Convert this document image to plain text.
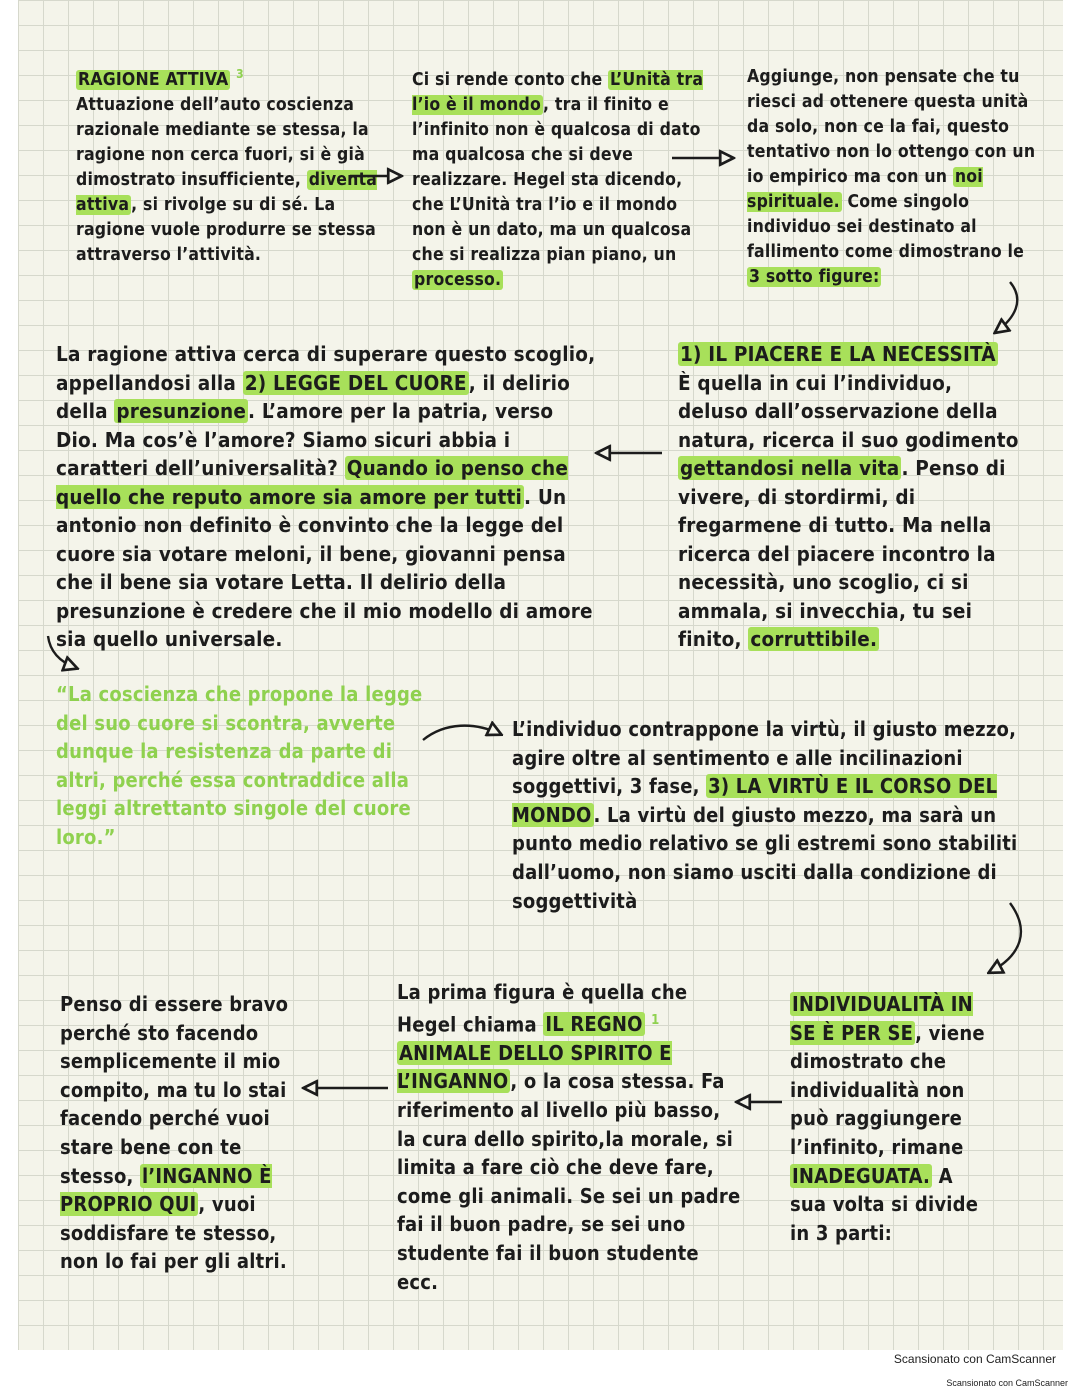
RAGIONE ATTIVA $^3$
Attuazione dell’auto coscienza razionale mediante se stessa, la ragione non cerca fuori, si è già dimostrato insufficiente, diventa attiva , si rivolge su di sé. La ragione vuole produrre se stessa attraverso l’attività.
Ci si rende conto che L’Unità tra l’io è il mondo , tra il finito e l’infinito non è qualcosa di dato ma qualcosa che si deve realizzare. Hegel sta dicendo, che L’Unità tra l’io e il mondo non è un dato, ma un qualcosa che si realizza pian piano, un processo.
Aggiunge, non pensate che tu riesci ad ottenere questa unità da solo, non ce la fai, questo tentativo non lo ottengo con un io empirico ma con un noi spirituale. Come singolo individuo sei destinato al fallimento come dimostrano le 3 sotto figure:
La ragione attiva cerca di superare questo scoglio, appellandosi alla 2) LEGGE DEL CUORE, il delirio della presunzione. L’amore per la patria, verso Dio. Ma cos’è l’amore? Siamo sicuri abbia i caratteri dell’universalità? Quando io penso che quello che reputo amore sia amore per tutti. Un antonio non definito è convinto che la legge del cuore sia votare meloni, il bene, giovanni pensa che il bene sia votare Letta. Il delirio della presunzione è credere che il mio modello di amore sia quello universale.
1) IL PIACERE E LA NECESSITÀ
È quella in cui l’individuo, deluso dall’osservazione della natura, ricerca il suo godimento gettandosi nella vita. Penso di vivere, di stordirmi, di fregarmene di tutto. Ma nella ricerca del piacere incontro la necessità, uno scoglio, ci si ammala, si invecchia, tu sei finito, corruttibile.
“La coscienza che propone la legge del suo cuore si scontra, avverte dunque la resistenza da parte di altri, perché essa contraddice alla leggi altrettanto singole del cuore loro.”
L’individuo contrappone la virtù, il giusto mezzo, agire oltre al sentimento e alle incilinazioni soggettivi, 3 fase, 3) LA VIRTÙ E IL CORSO DEL MONDO . La virtù del giusto mezzo, ma sarà un punto medio relativo se gli estremi sono stabiliti dall’uomo, non siamo usciti dalla condizione di soggettività
Penso di essere bravo perché sto facendo semplicemente il mio compito, ma tu lo stai facendo perché vuoi stare bene con te stesso, l’INGANNO È PROPRIO QUI , vuoi soddisfare te stesso, non lo fai per gli altri.
La prima figura è quella che Hegel chiama IL REGNO $^1$ ANIMALE DELLO SPIRITO E L’INGANNO , o la cosa stessa. Fa riferimento al livello più basso, la cura dello spirito,la morale, si limita a fare ciò che deve fare, come gli animali. Se sei un padre fai il buon padre, se sei uno studente fai il buon studente ecc.
INDIVIDUALITÀ IN SE È PER SE , viene dimostrato che individualità non può raggiungere l’infinito, rimane INADEGUATA. A sua volta si divide in 3 parti:
Scansionato con CamScanner
Scansionato con CamScanner
